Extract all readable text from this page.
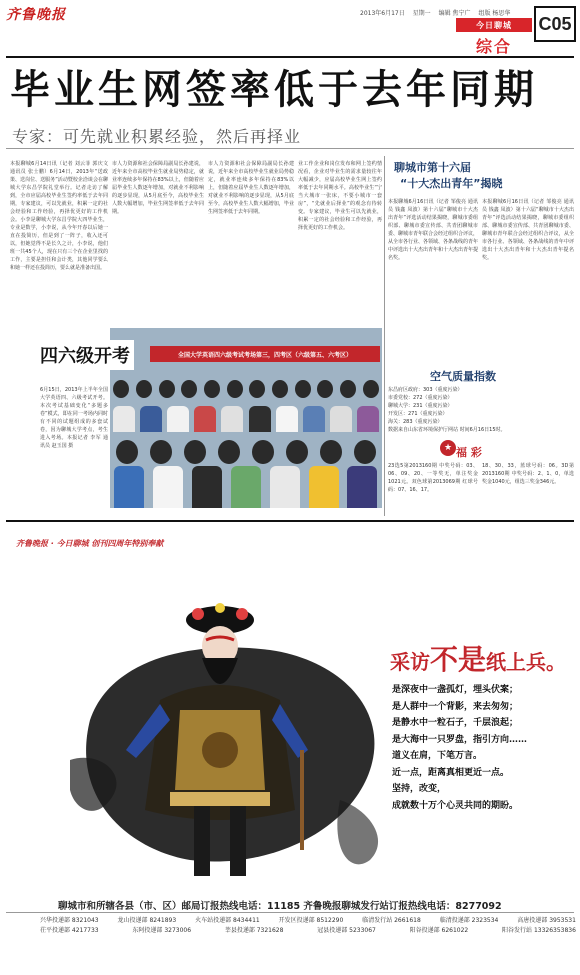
齐鲁晚报	2013年6月17日 星期一 编辑 焦宁广 组版 杨思华
今日聊城
综合
C05
毕业生网签率低于去年同期
专家：可先就业积累经验，然后再择业
本报聊城6月14日讯（记者 刘云菲 郭庆文 通讯员 张士鹏）6月14日，2013年“送政策、送岗位、送服务”活动暨校企洽谈会在聊城大学东昌学院礼堂举行。记者走访了解到，全市应届高校毕业生签约率低于去年同期，专家建议，可以先就业，积累一定的社会经验和工作经验，再择优更好的工作机会。小李是聊城大学东昌学院大四毕业生，专业是数学，小李说，从今年开春以后她一直在投简历，但是到了一阵子，收入还可以，但她觉得不是长久之计，小李说，他们班一共45个人，现在只有三个在企业里找的工作，主要是担任和会计类，其他同学要么和她一样还在投简历，要么就是准备出国。
市人力资源和社会保障局副局长孙建说，近年来全市高校毕业生就业局势稳定，就业率连续多年保持在83%以上，但随着应届毕业生人数逐年增加，对就业不利影响的逐步显现，从5月底至今，高校毕业生人数大幅增加，毕业生网签率低于去年同期。
市人力资源和社会保障局副局长孙建说，近年来全市高校毕业生就业局势稳定，就业率连续多年保持在83%以上，但随着应届毕业生人数逐年增加，对就业不利影响的逐步显现，从5月底至今，高校毕业生人数大幅增加，毕业生网签率低于去年同期。
业工作企业和岗位发布和网上签约情况看，企业对毕业生的需求量较往年大幅减少，应届高校毕业生网上签约率低于去年同期水平。高校毕业生“宁当大城市一张床，不要小城市一套房”，“先就业后择业”的观念有待转变。专家建议，毕业生可以先就业，积累一定的社会经验和工作经验，再择优更好的工作机会。
全国大学英语四六级考试考场第三，四考区（六级第五、六考区）
四六级开考
6月15日，2013年上半年全国大学英语四、六级考试开考。本次考试基础变化“多题多卷”模式，即在同一考场内同时有不同的试题组成的多套试卷，因为聊城大学考点，考生进入考场。本报记者 李军 通讯员 赵玉国 摄
聊城市第十六届
“十大杰出青年”揭晓
本报聊城6月16日讯（记者 邹俊亮 通讯员 钱鑫 凤波）第十六届“聊城市十大杰出青年”评选活动结果揭晓，聊城市委组织部、聊城市委宣传部、共青团聊城市委、聊城市青年联合会经过组织合评议，从全市各行业、各领域、各条战线的青年中评选出十大杰出青年和十大杰出青年提名奖。
本报聊城6月16日讯（记者 邹俊亮 通讯员 钱鑫 凤波）第十六届“聊城市十大杰出青年”评选活动结果揭晓，聊城市委组织部、聊城市委宣传部、共青团聊城市委、聊城市青年联合会经过组织合评议，从全市各行业、各领域、各条战线的青年中评选出十大杰出青年和十大杰出青年提名奖。
空气质量指数
东昌府区政府：303（重度污染）
市委党校：272（重度污染）
聊城大学：231（重度污染）
开发区：271（重度污染）
海关：283（重度污染）
数据来自山东省环境保护厅网站 时间6月16日15时。
★ 福 彩
23选5第2013160期 中奖号码：03、06、09、20、一等奖无，单注奖金1021元。双色球第2013069期 红球号码：07、16、17。
18、30、33，蓝球号码：06。3D第2013160期 中奖号码：2、1、0，单选奖金1040元，组选三奖金346元。
齐鲁晚报 · 今日聊城 创刊四周年特别奉献
采访不是纸上兵。
是深夜中一盏孤灯，埋头伏案；
是人群中一个背影，来去匆匆；
是静水中一粒石子，千层浪起；
是大海中一只罗盘，指引方向……
道义在肩，下笔万言。
近一点，距离真相更近一点。
坚持，改变，
成就数十万个心灵共同的期盼。
聊城市和所辖各县（市、区）邮局订报热线电话：11185 齐鲁晚报聊城发行站订报热线电话：8277092
兴华投递部 8321043	龙山投递部 8241893	火车站投递部 8434411	开发区投递部 8512290	临清发行站 2661618	临清投递部 2323534	高唐投递部 3953531
茌平投递部 4217733	东阿投递部 3273006	莘县投递部 7321628	冠县投递部 5233067	阳谷投递部 6261022	阳谷发行站 13326353836
